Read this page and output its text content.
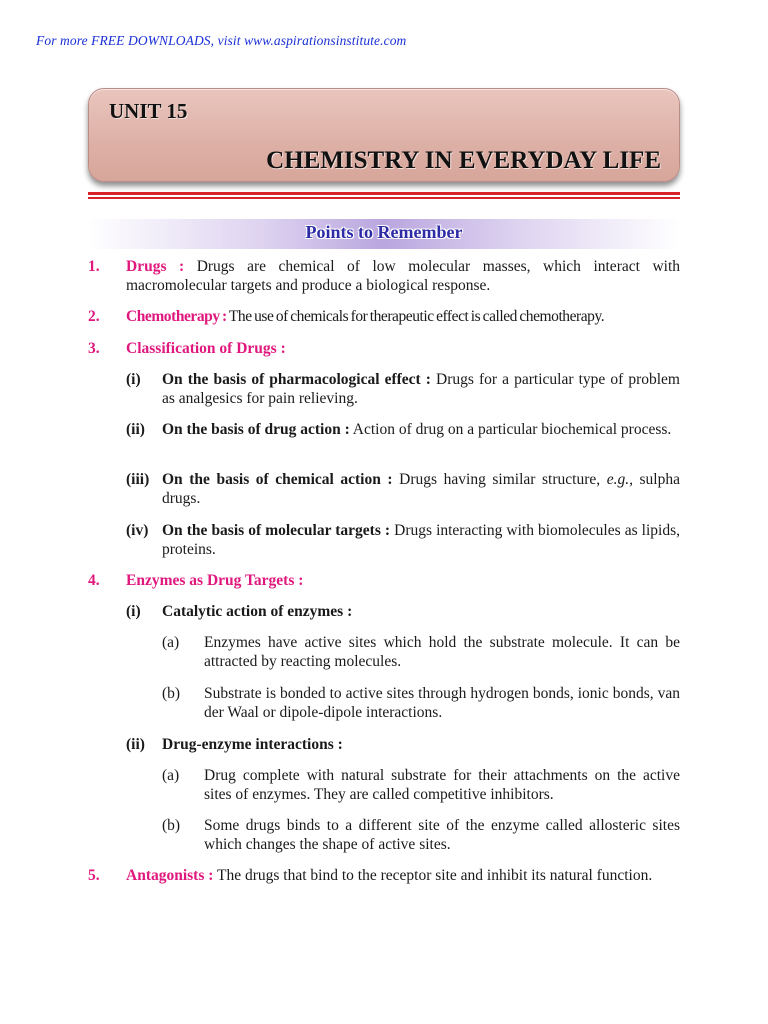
For more FREE DOWNLOADS, visit www.aspirationsinstitute.com
UNIT 15
CHEMISTRY IN EVERYDAY LIFE
Points to Remember
1. Drugs : Drugs are chemical of low molecular masses, which interact with macromolecular targets and produce a biological response.
2. Chemotherapy : The use of chemicals for therapeutic effect is called chemotherapy.
3. Classification of Drugs :
(i) On the basis of pharmacological effect : Drugs for a particular type of problem as analgesics for pain relieving.
(ii) On the basis of drug action : Action of drug on a particular biochemical process.
(iii) On the basis of chemical action : Drugs having similar structure, e.g., sulpha drugs.
(iv) On the basis of molecular targets : Drugs interacting with biomolecules as lipids, proteins.
4. Enzymes as Drug Targets :
(i) Catalytic action of enzymes :
(a) Enzymes have active sites which hold the substrate molecule. It can be attracted by reacting molecules.
(b) Substrate is bonded to active sites through hydrogen bonds, ionic bonds, van der Waal or dipole-dipole interactions.
(ii) Drug-enzyme interactions :
(a) Drug complete with natural substrate for their attachments on the active sites of enzymes. They are called competitive inhibitors.
(b) Some drugs binds to a different site of the enzyme called allosteric sites which changes the shape of active sites.
5. Antagonists : The drugs that bind to the receptor site and inhibit its natural function.
